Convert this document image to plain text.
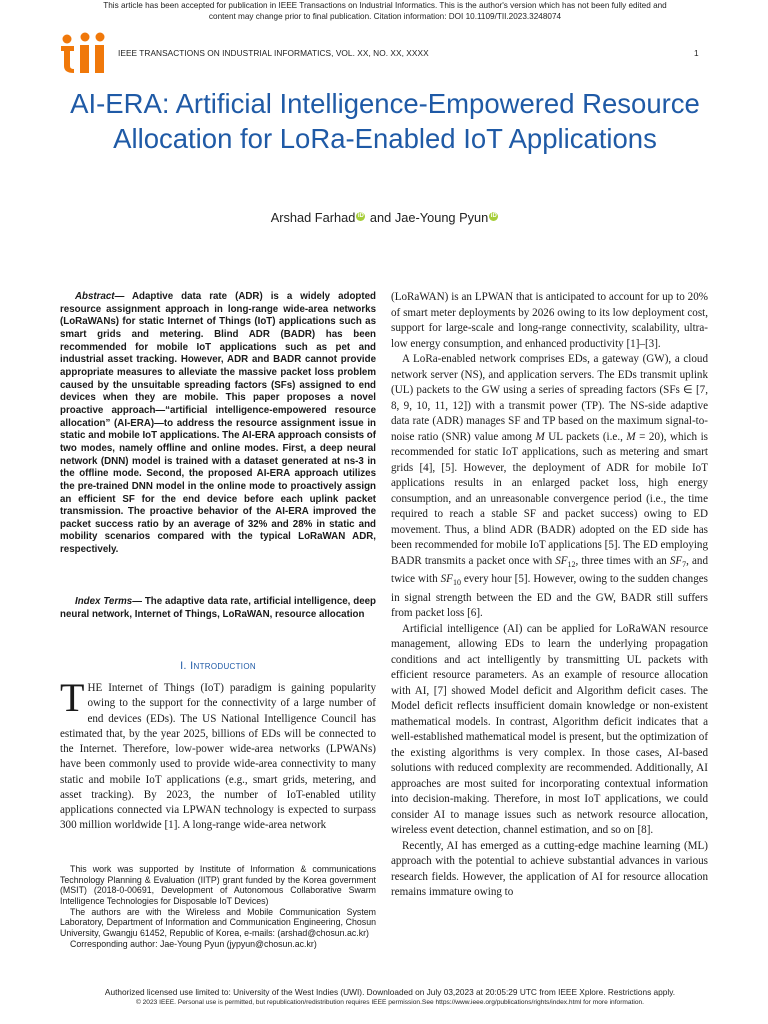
This article has been accepted for publication in IEEE Transactions on Industrial Informatics. This is the author's version which has not been fully edited and
content may change prior to final publication. Citation information: DOI 10.1109/TII.2023.3248074
IEEE TRANSACTIONS ON INDUSTRIAL INFORMATICS, VOL. XX, NO. XX, XXXX	1
AI-ERA: Artificial Intelligence-Empowered Resource Allocation for LoRa-Enabled IoT Applications
Arshad Farhad iD and Jae-Young Pyun iD

Abstract— Adaptive data rate (ADR) is a widely adopted resource assignment approach in long-range wide-area networks (LoRaWANs) for static Internet of Things (IoT) applications such as smart grids and metering. Blind ADR (BADR) has been recommended for mobile IoT applications such as pet and industrial asset tracking. However, ADR and BADR cannot provide appropriate measures to alleviate the massive packet loss problem caused by the unsuitable spreading factors (SFs) assigned to end devices when they are mobile. This paper proposes a novel proactive approach—“artificial intelligence-empowered resource allocation” (AI-ERA)—to address the resource assignment issue in static and mobile IoT applications. The AI-ERA approach consists of two modes, namely offline and online modes. First, a deep neural network (DNN) model is trained with a dataset generated at ns-3 in the offline mode. Second, the proposed AI-ERA approach utilizes the pre-trained DNN model in the online mode to proactively assign an efficient SF for the end device before each uplink packet transmission. The proactive behavior of the AI-ERA improved the packet success ratio by an average of 32% and 28% in static and mobility scenarios compared with the typical LoRaWAN ADR, respectively.

Index Terms— The adaptive data rate, artificial intelligence, deep neural network, Internet of Things, LoRaWAN, resource allocation

I. Introduction

THE Internet of Things (IoT) paradigm is gaining popularity owing to the support for the connectivity of a large number of end devices (EDs). The US National Intelligence Council has estimated that, by the year 2025, billions of EDs will be connected to the Internet. Therefore, low-power wide-area networks (LPWANs) have been commonly used to provide wide-area connectivity to many static and mobile IoT applications (e.g., smart grids, metering, and asset tracking). By 2023, the number of IoT-enabled utility applications connected via LPWAN technology is expected to surpass 300 million worldwide [1]. A long-range wide-area network

This work was supported by Institute of Information & communications Technology Planning & Evaluation (IITP) grant funded by the Korea government (MSIT) (2018-0-00691, Development of Autonomous Collaborative Swarm Intelligence Technologies for Disposable IoT Devices)

The authors are with the Wireless and Mobile Communication System Laboratory, Department of Information and Communication Engineering, Chosun University, Gwangju 61452, Republic of Korea, e-mails: (arshad@chosun.ac.kr)

Corresponding author: Jae-Young Pyun (jypyun@chosun.ac.kr)

(LoRaWAN) is an LPWAN that is anticipated to account for up to 20% of smart meter deployments by 2026 owing to its low deployment cost, support for large-scale and long-range connectivity, scalability, ultra-low energy consumption, and enhanced productivity [1]–[3].

A LoRa-enabled network comprises EDs, a gateway (GW), a cloud network server (NS), and application servers. The EDs transmit uplink (UL) packets to the GW using a series of spreading factors (SFs ∈ [7, 8, 9, 10, 11, 12]) with a transmit power (TP). The NS-side adaptive data rate (ADR) manages SF and TP based on the maximum signal-to-noise ratio (SNR) value among M UL packets (i.e., M = 20), which is recommended for static IoT applications, such as metering and smart grids [4], [5]. However, the deployment of ADR for mobile IoT applications results in an enlarged packet loss, high energy consumption, and an unreasonable convergence period (i.e., the time required to reach a stable SF and packet success) owing to ED movement. Thus, a blind ADR (BADR) adopted on the ED side has been recommended for mobile IoT applications [5]. The ED employing BADR transmits a packet once with $SF_{12}$, three times with an $SF_7$, and twice with $SF_{10}$ every hour [5]. However, owing to the sudden changes in signal strength between the ED and the GW, BADR still suffers from packet loss [6].

Artificial intelligence (AI) can be applied for LoRaWAN resource management, allowing EDs to learn the underlying propagation conditions and act intelligently by transmitting UL packets with efficient resource parameters. As an example of resource allocation with AI, [7] showed Model deficit and Algorithm deficit cases. The Model deficit reflects insufficient domain knowledge or non-existent mathematical models. In contrast, Algorithm deficit indicates that a well-established mathematical model is present, but the optimization of the existing algorithms is very complex. In those cases, AI-based solutions with reduced complexity are recommended. Additionally, AI approaches are most suited for incorporating contextual information into decision-making. Therefore, in most IoT applications, we could consider AI to manage issues such as network resource allocation, wireless event detection, channel estimation, and so on [8].

Recently, AI has emerged as a cutting-edge machine learning (ML) approach with the potential to achieve substantial advances in various research fields. However, the application of AI for resource allocation remains immature owing to

Authorized licensed use limited to: University of the West Indies (UWI). Downloaded on July 03,2023 at 20:05:29 UTC from IEEE Xplore. Restrictions apply.
© 2023 IEEE. Personal use is permitted, but republication/redistribution requires IEEE permission.See https://www.ieee.org/publications/rights/index.html for more information.
